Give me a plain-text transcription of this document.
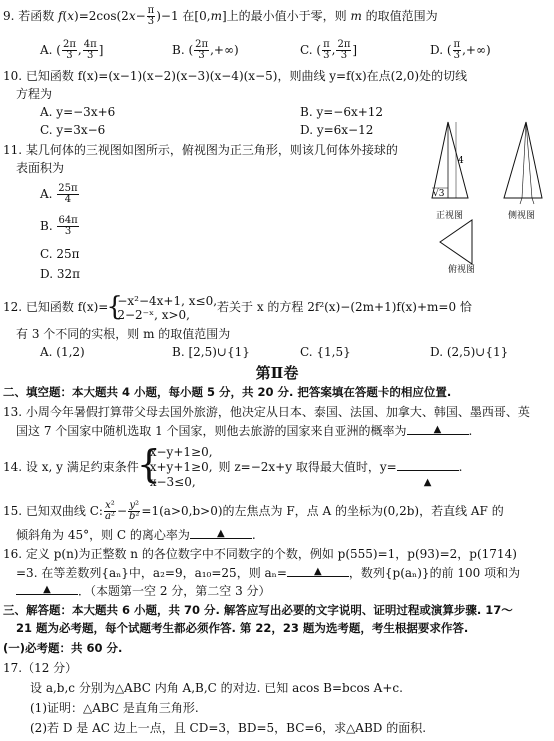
9. 若函数 $f(x)=2\cos(2x- \frac{\pi}{3} )-1$ 在[0,m]上的最小值小于零，则 m 的取值范围为
A. ( $\frac{2\pi}{3}$ , $\frac{4\pi}{3}$ ]	B. ( $\frac{2\pi}{3}$ ,+∞)	C. ( $\frac{\pi}{3}$ , $\frac{2\pi}{3}$ ]	D. ( $\frac{\pi}{3}$ ,+∞)
10. 已知函数 f(x)=(x−1)(x−2)(x−3)(x−4)(x−5)，则曲线 y=f(x)在点(2,0)处的切线
方程为
A. y=−3x+6	B. y=−6x+12
C. y=3x−6	D. y=6x−12
11. 某几何体的三视图如图所示，俯视图为正三角形，则该几何体外接球的
表面积为
A. $\frac{25\pi}{4}$
B. $\frac{64\pi}{3}$
C. 25π
D. 32π
4
√3
正视图	侧视图
俯视图
12. 已知函数 f(x)=
{
−x²−4x+1, x≤0,
2−2⁻ˣ, x>0,
若关于 x 的方程 2f²(x)−(2m+1)f(x)+m=0 恰
有 3 个不同的实根，则 m 的取值范围为
A. (1,2)	B. [2,5)∪{1}	C. {1,5}	D. (2,5)∪{1}
第Ⅱ卷
二、填空题：本大题共 4 小题，每小题 5 分，共 20 分. 把答案填在答题卡的相应位置.
13. 小周今年暑假打算带父母去国外旅游，他决定从日本、泰国、法国、加拿大、韩国、墨西哥、英
国这 7 个国家中随机选取 1 个国家，则他去旅游的国家来自亚洲的概率为	▲ .
14. 设 x, y 满足约束条件
{
x−y+1≥0,
x+y+1≥0,
x−3≤0,
则 z=−2x+y 取得最大值时，y=
▲
.
15. 已知双曲线 C: $\frac{\text{x²}}{\text{a²}} - \frac{\text{y²}}{\text{b²}} =1(a>0,b>0)$的左焦点为 F，点 A 的坐标为(0,2b)，若直线 AF 的
倾斜角为 45°，则 C 的离心率为	▲ .
16. 定义 p(n)为正整数 n 的各位数字中不同数字的个数，例如 p(555)=1，p(93)=2，p(1714)
=3. 在等差数列{aₙ}中，a₂=9，a₁₀=25，则 aₙ=	▲ ，数列{p(aₙ)}的前 100 项和为
▲ ．（本题第一空 2 分，第二空 3 分）
三、解答题：本大题共 6 小题，共 70 分. 解答应写出必要的文字说明、证明过程或演算步骤. 17～
21 题为必考题，每个试题考生都必须作答. 第 22，23 题为选考题，考生根据要求作答.
(一)必考题：共 60 分.
17.（12 分）
设 a,b,c 分别为△ABC 内角 A,B,C 的对边. 已知 acos B=bcos A+c.
(1)证明：△ABC 是直角三角形.
(2)若 D 是 AC 边上一点，且 CD=3，BD=5，BC=6，求△ABD 的面积.
